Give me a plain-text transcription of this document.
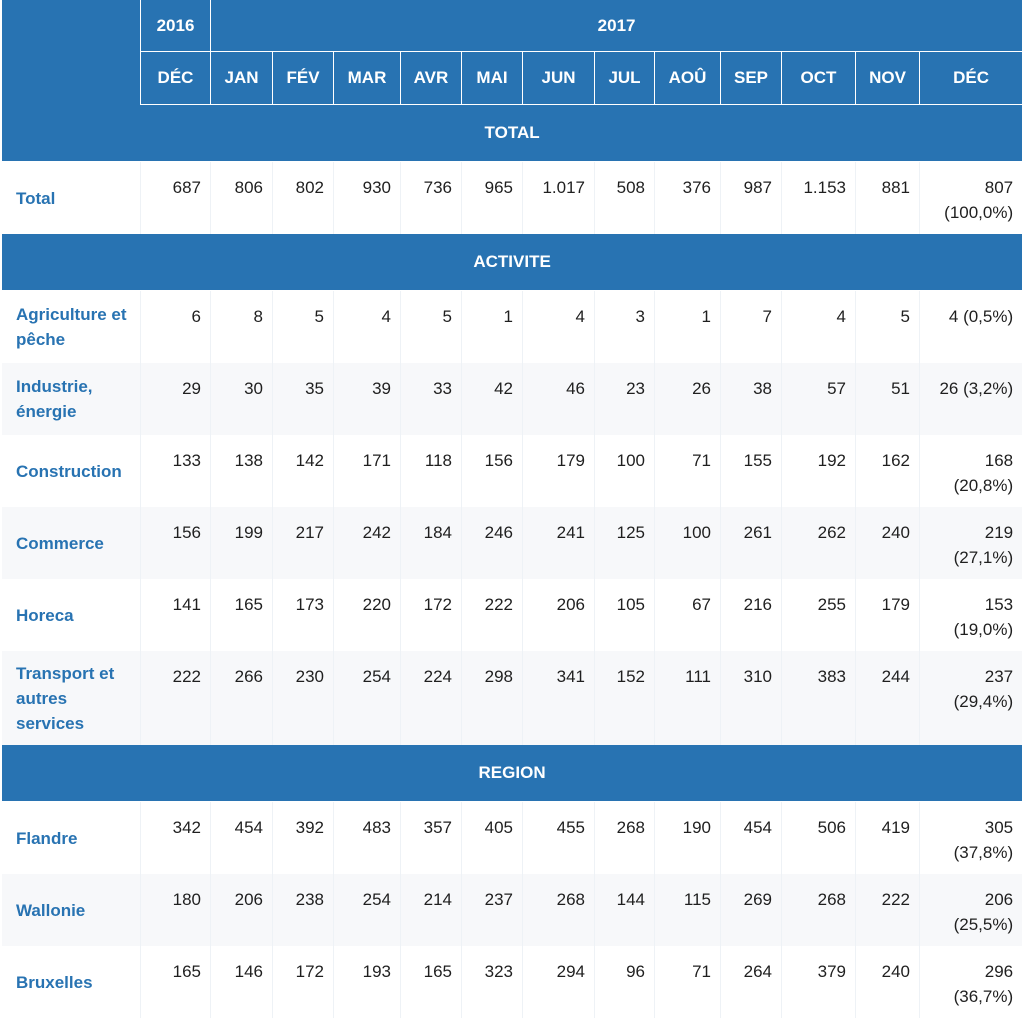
	2016	2017											
	DÉC	JAN	FÉV	MAR	AVR	MAI	JUN	JUL	AOÛ	SEP	OCT	NOV	DÉC
TOTAL													
Total	687	806	802	930	736	965	1.017	508	376	987	1.153	881	807 (100,0%)
ACTIVITE													
Agriculture et pêche	6	8	5	4	5	1	4	3	1	7	4	5	4 (0,5%)
Industrie, énergie	29	30	35	39	33	42	46	23	26	38	57	51	26 (3,2%)
Construction	133	138	142	171	118	156	179	100	71	155	192	162	168 (20,8%)
Commerce	156	199	217	242	184	246	241	125	100	261	262	240	219 (27,1%)
Horeca	141	165	173	220	172	222	206	105	67	216	255	179	153 (19,0%)
Transport et autres services	222	266	230	254	224	298	341	152	111	310	383	244	237 (29,4%)
REGION													
Flandre	342	454	392	483	357	405	455	268	190	454	506	419	305 (37,8%)
Wallonie	180	206	238	254	214	237	268	144	115	269	268	222	206 (25,5%)
Bruxelles	165	146	172	193	165	323	294	96	71	264	379	240	296 (36,7%)
